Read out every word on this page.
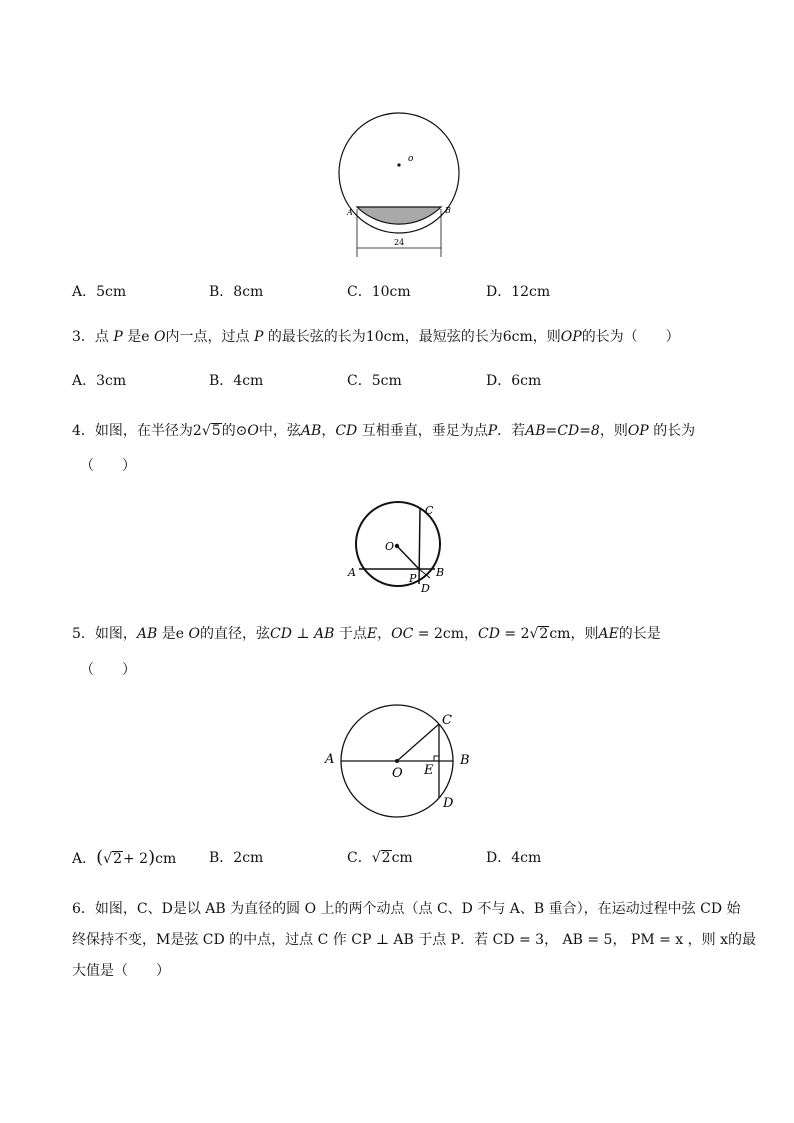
o
A	B
24
A．5cm	B．8cm	C．10cm	D．12cm
3．点 P 是e O内一点，过点 P 的最长弦的长为10cm，最短弦的长为6cm，则OP的长为（　　）
A．3cm	B．4cm	C．5cm	D．6cm
4．如图，在半径为2√5的⊙O中，弦AB，CD 互相垂直，垂足为点P．若AB=CD=8，则OP 的长为
（　　）
C
O
A	P B
D
5．如图，AB 是e O的直径，弦CD ⊥ AB 于点E，OC = 2cm，CD = 2√2cm，则AE的长是
（　　）
A
O E
B
C
D
A．(√2+ 2)cm B．2cm	C．√2cm	D．4cm
6．如图，C、D是以 AB 为直径的圆 O 上的两个动点（点 C、D 不与 A、B 重合），在运动过程中弦 CD 始
终保持不变，M是弦 CD 的中点，过点 C 作 CP ⊥ AB 于点 P．若 CD = 3， AB = 5， PM = x ，则 x的最
大值是（　　）
